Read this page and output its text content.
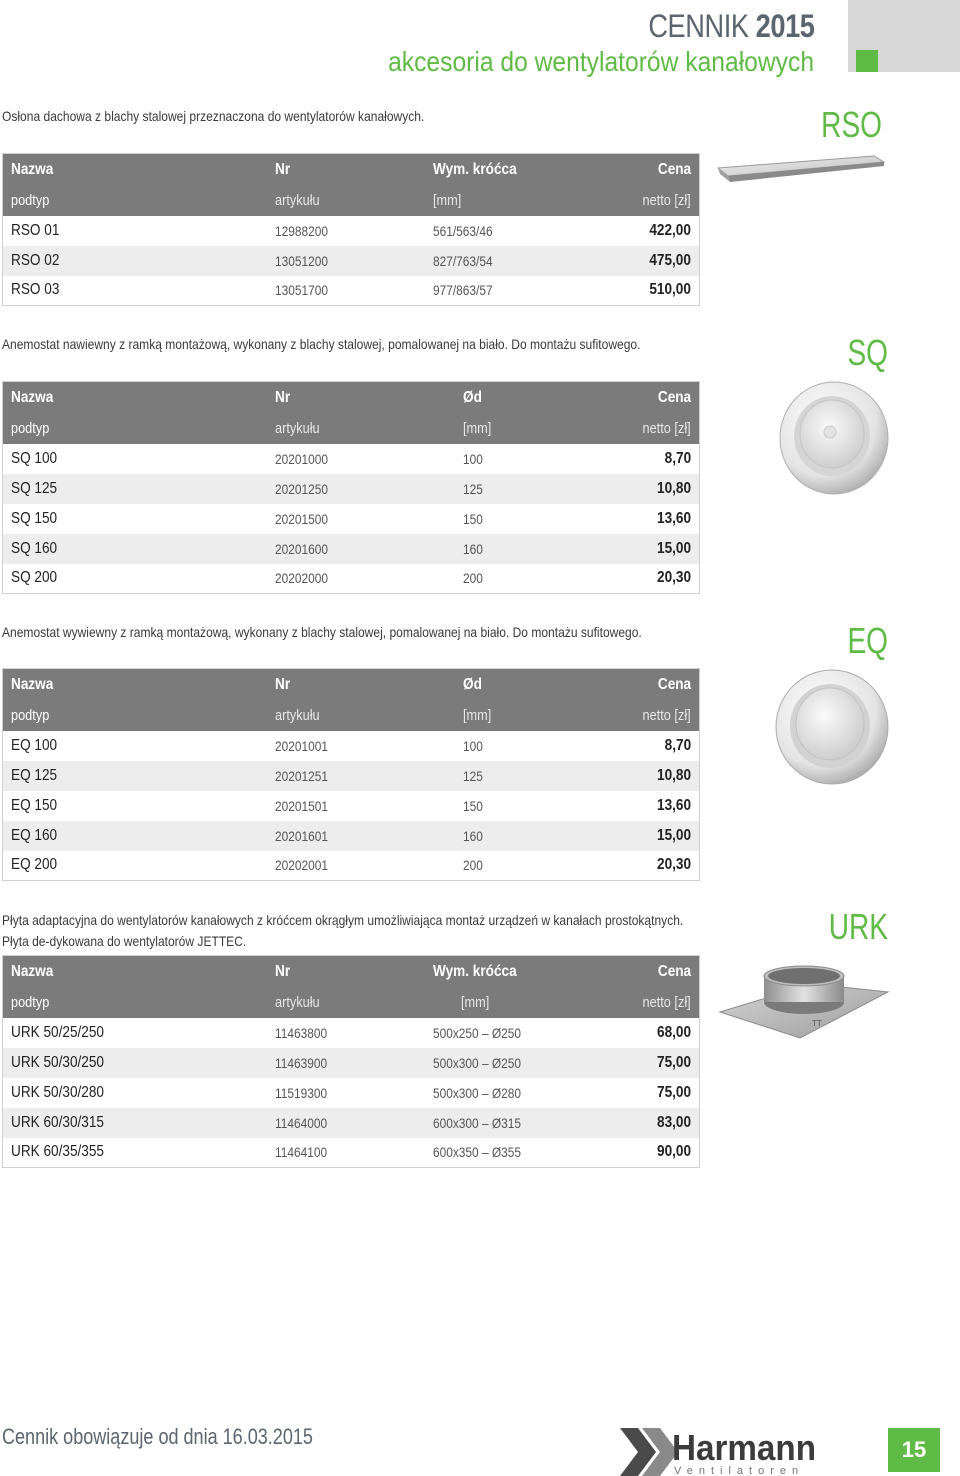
CENNIK 2015
akcesoria do wentylatorów kanałowych
Osłona dachowa z blachy stalowej przeznaczona do wentylatorów kanałowych.	RSO
Nazwa	Nr	Wym. króćca	Cena
podtyp	artykułu	[mm]	netto [zł]
RSO 01	12988200	561/563/46	422,00
RSO 02	13051200	827/763/54	475,00
RSO 03	13051700	977/863/57	510,00
Anemostat nawiewny z ramką montażową, wykonany z blachy stalowej, pomalowanej na biało. Do montażu sufitowego.	SQ
Nazwa	Nr	Ød	Cena
podtyp	artykułu	[mm]	netto [zł]
SQ 100	20201000	100	8,70
SQ 125	20201250	125	10,80
SQ 150	20201500	150	13,60
SQ 160	20201600	160	15,00
SQ 200	20202000	200	20,30
Anemostat wywiewny z ramką montażową, wykonany z blachy stalowej, pomalowanej na biało. Do montażu sufitowego.	EQ
Nazwa	Nr	Ød	Cena
podtyp	artykułu	[mm]	netto [zł]
EQ 100	20201001	100	8,70
EQ 125	20201251	125	10,80
EQ 150	20201501	150	13,60
EQ 160	20201601	160	15,00
EQ 200	20202001	200	20,30
Płyta adaptacyjna do wentylatorów kanałowych z króćcem okrągłym umożliwiająca montaż urządzeń w kanałach prostokątnych. Płyta de-dykowana do wentylatorów JETTEC.	URK
Nazwa	Nr	Wym. króćca	Cena
podtyp	artykułu	[mm]	netto [zł]
URK 50/25/250	11463800	500x250 – Ø250	68,00
URK 50/30/250	11463900	500x300 – Ø250	75,00
URK 50/30/280	11519300	500x300 – Ø280	75,00
URK 60/30/315	11464000	600x300 – Ø315	83,00
URK 60/35/355	11464100	600x350 – Ø355	90,00
TT
Cennik obowiązuje od dnia 16.03.2015	Harmann
Ventilatoren
15
